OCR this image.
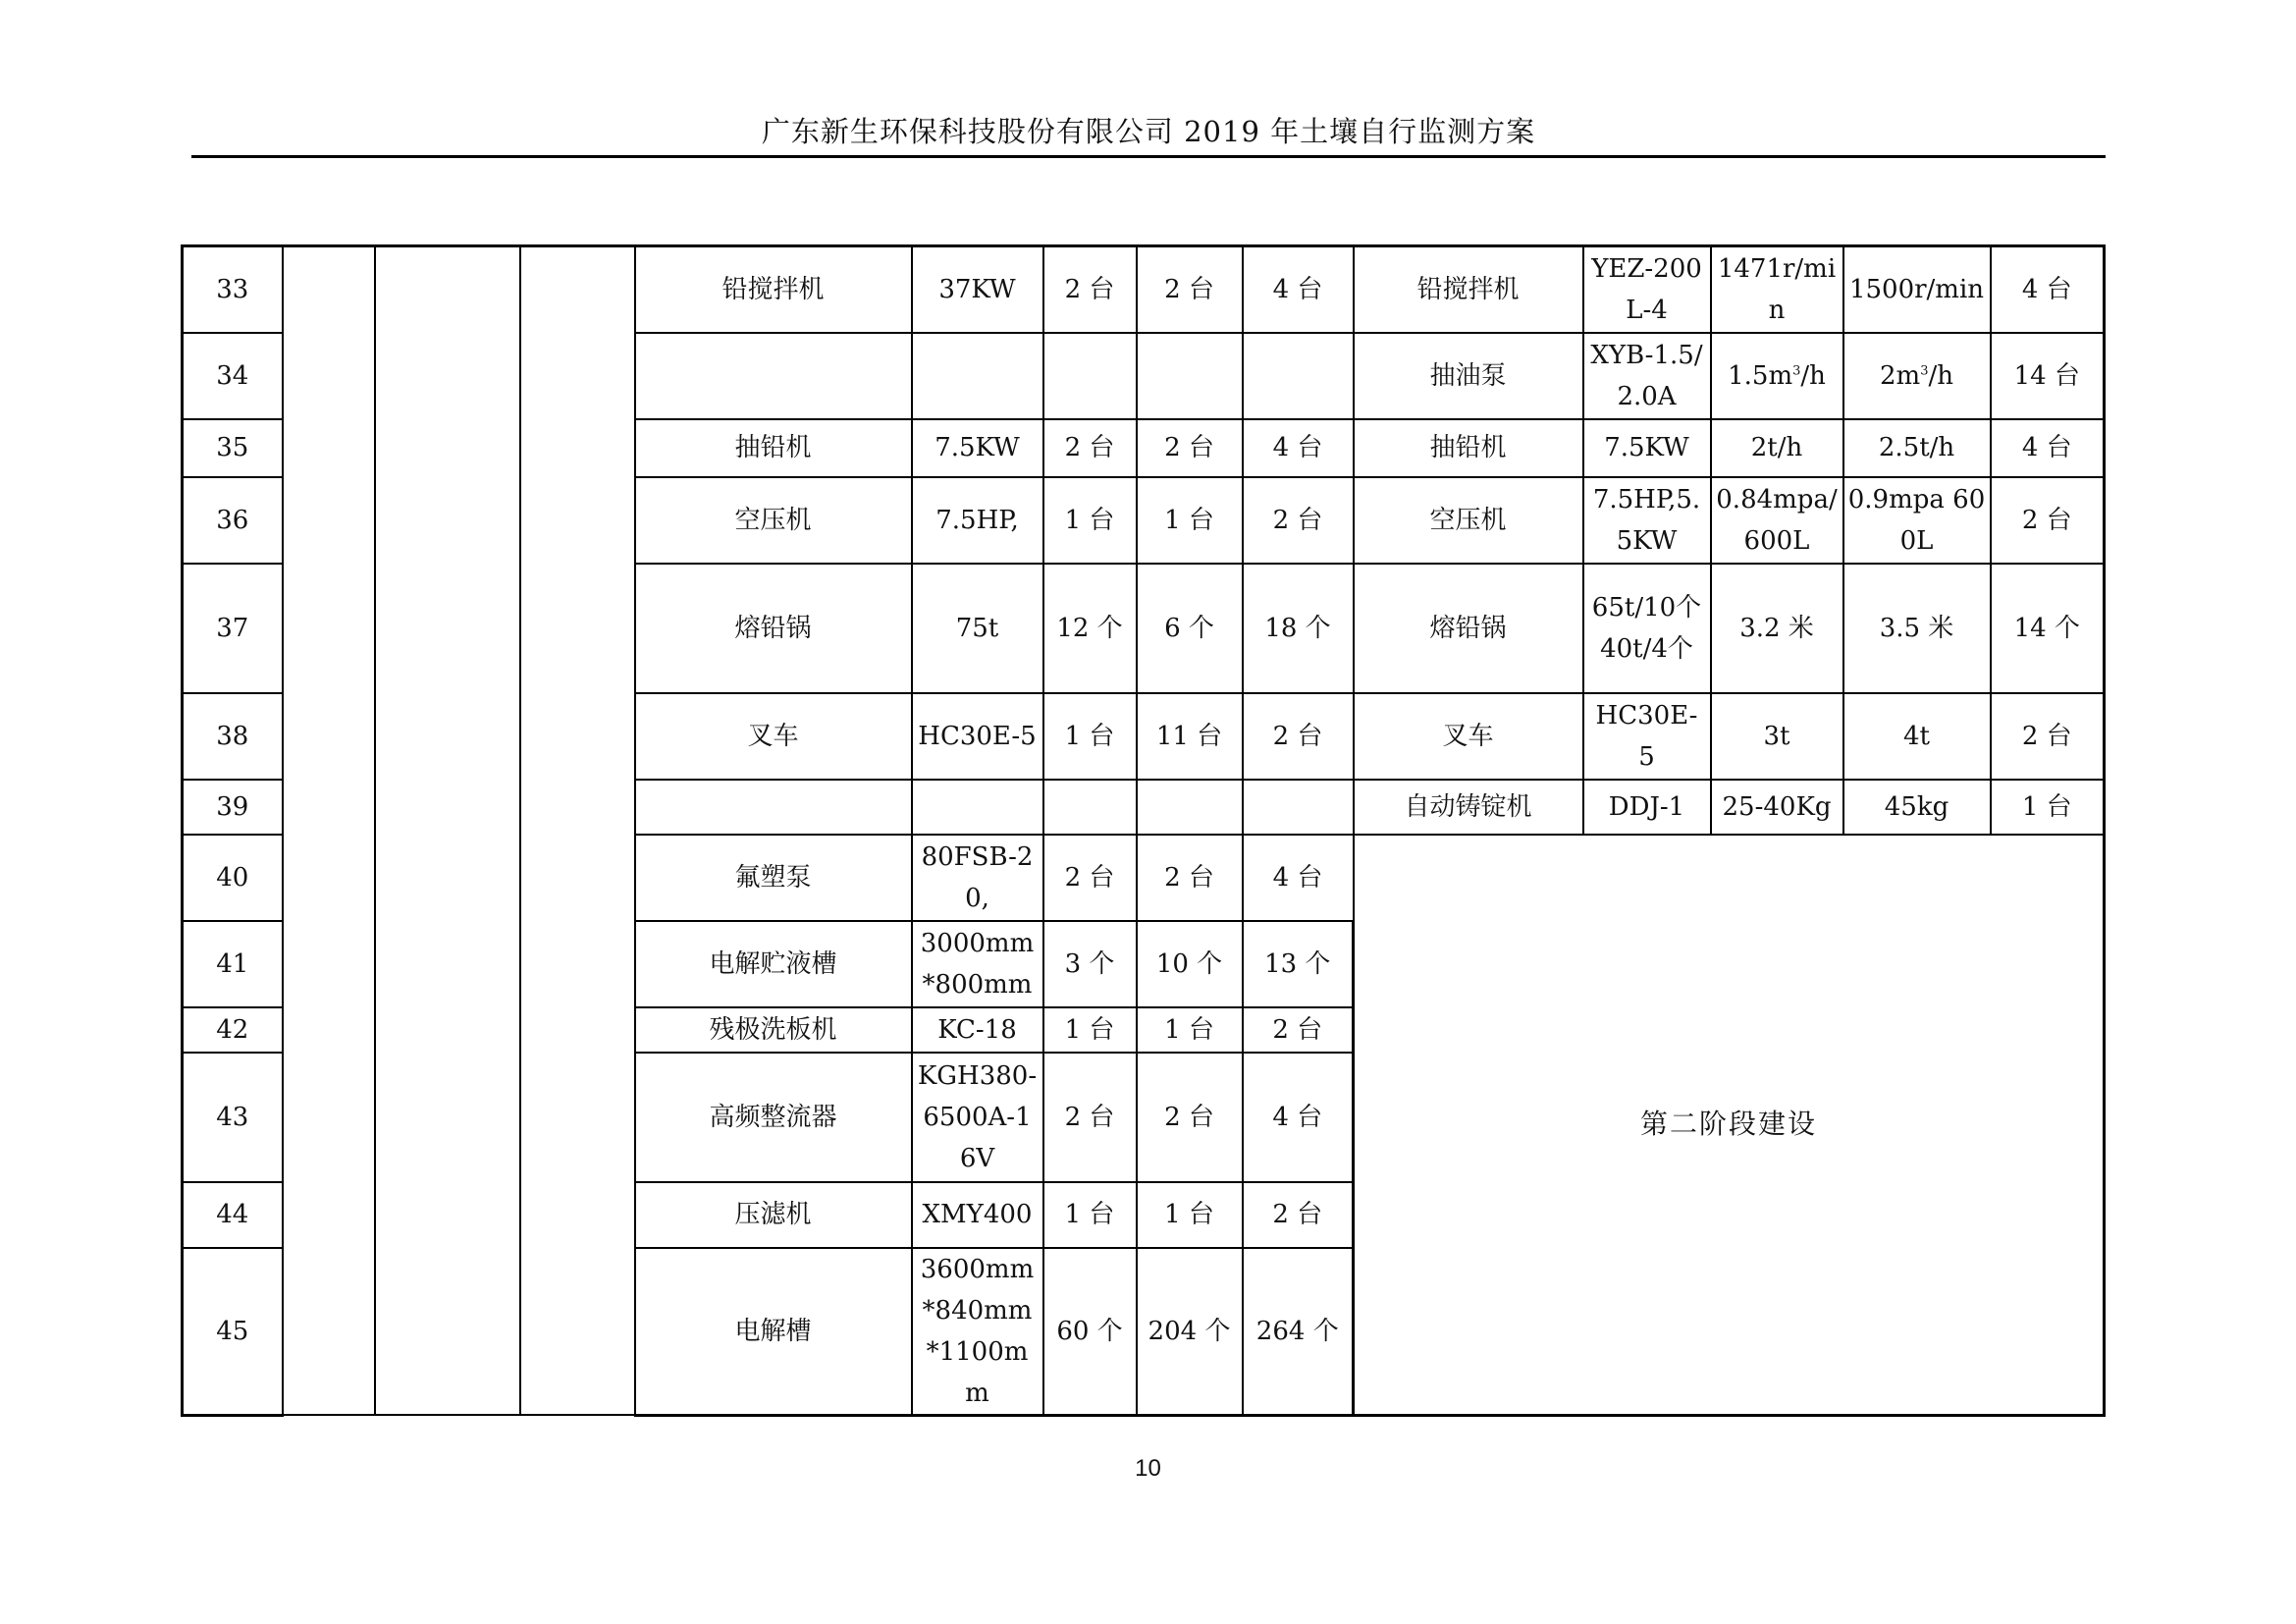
广东新生环保科技股份有限公司 2019 年土壤自行监测方案
33				铅搅拌机	37KW	2 台	2 台	4 台	铅搅拌机	YEZ-200L-4	1471r/min	1500r/min	4 台
34									抽油泵	XYB-1.5/2.0A	$1.5m^3/h$	$2m^3/h$	14 台
35				抽铅机	7.5KW	2 台	2 台	4 台	抽铅机	7.5KW	2t/h	2.5t/h	4 台
36				空压机	7.5HP,	1 台	1 台	2 台	空压机	7.5HP,5.5KW	0.84mpa/600L	0.9mpa 600L	2 台
37				熔铅锅	75t	12 个	6 个	18 个	熔铅锅	65t/10个 40t/4个	3.2 米	3.5 米	14 个
38				叉车	HC30E-5	1 台	11 台	2 台	叉车	HC30E-5	3t	4t	2 台
39									自动铸锭机	DDJ-1	25-40Kg	45kg	1 台
40				氟塑泵	80FSB-20,	2 台	2 台	4 台	第二阶段建设				
41				电解贮液槽	3000mm*800mm	3 个	10 个	13 个					
42				残极洗板机	KC-18	1 台	1 台	2 台					
43				高频整流器	KGH380-6500A-16V	2 台	2 台	4 台					
44				压滤机	XMY400	1 台	1 台	2 台					
45				电解槽	3600mm*840mm*1100mm	60 个	204 个	264 个					
10
